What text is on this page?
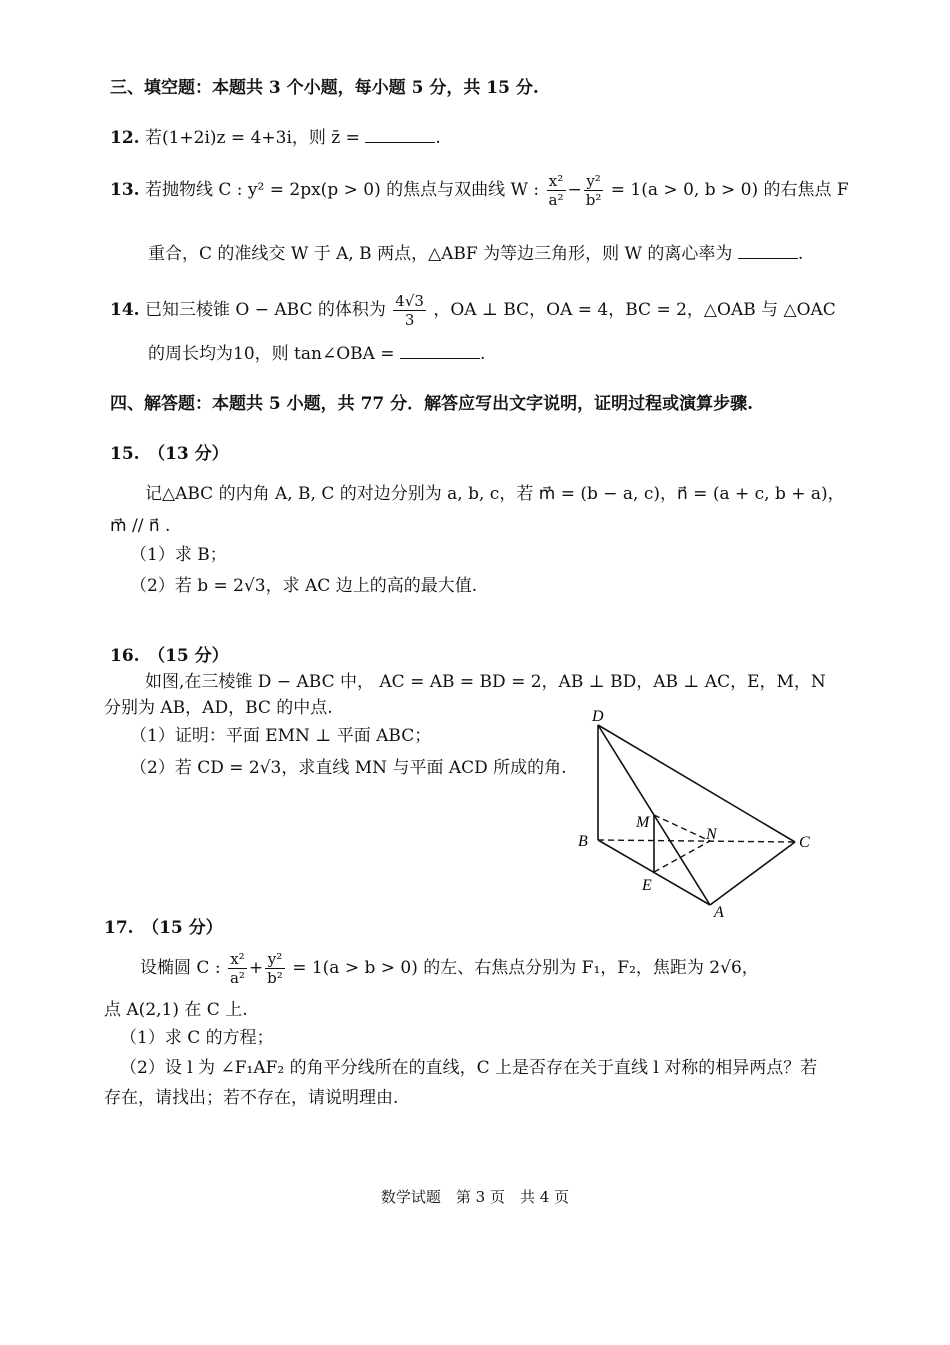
三、填空题：本题共 3 个小题，每小题 5 分，共 15 分.
12. 若(1+2i)z = 4+3i，则 z̄ =	.
13. 若抛物线 C : y² = 2px(p > 0) 的焦点与双曲线 W : $\frac{\text{x²}}{\text{a²}} - \frac{\text{y²}}{\text{b²}} = 1(a > 0$, b > 0) 的右焦点 F
重合，C 的准线交 W 于 A, B 两点，△ABF 为等边三角形，则 W 的离心率为	.
14. 已知三棱锥 O − ABC 的体积为 $\frac{4√3}{3}$ ，OA ⊥ BC，OA = 4，BC = 2，△OAB 与 △OAC
的周长均为10，则 tan∠OBA =	.
四、解答题：本题共 5 小题，共 77 分．解答应写出文字说明，证明过程或演算步骤.
15.　（13 分）
记△ABC 的内角 A, B, C 的对边分别为 a, b, c，若 m⃗ = (b − a, c)，n⃗ = (a + c, b + a)，
m⃗ // n⃗ .
（1）求 B；
（2）若 b = 2√3，求 AC 边上的高的最大值.
16.　（15 分）
如图,在三棱锥 D − ABC 中， AC = AB = BD = 2，AB ⊥ BD，AB ⊥ AC，E，M，N
分别为 AB，AD，BC 的中点.
（1）证明：平面 EMN ⊥ 平面 ABC；
（2）若 CD = 2√3，求直线 MN 与平面 ACD 所成的角.
D
M
N
B	C
E
A
17.　（15 分）
设椭圆 C : $\frac{\text{x²}}{\text{a²}} + \frac{\text{y²}}{\text{b²}} = 1(a > b > 0)$ 的左、右焦点分别为 F₁，F₂，焦距为 2√6，
点 A(2,1) 在 C 上.
（1）求 C 的方程；
（2）设 l 为 ∠F₁AF₂ 的角平分线所在的直线，C 上是否存在关于直线 l 对称的相异两点？若
存在，请找出；若不存在，请说明理由.
数学试题　第 3 页　共 4 页
